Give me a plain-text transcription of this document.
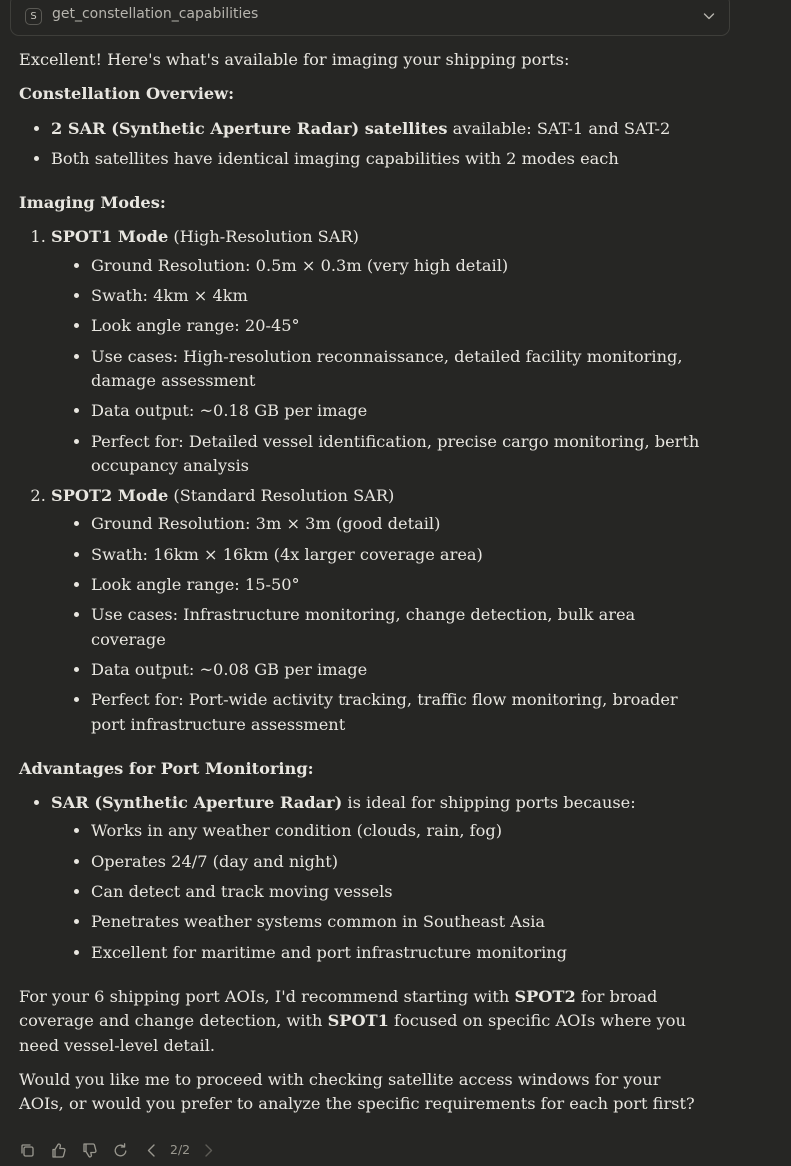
S	get_constellation_capabilities

Excellent! Here's what's available for imaging your shipping ports:

Constellation Overview:

• 2 SAR (Synthetic Aperture Radar) satellites available: SAT-1 and SAT-2
• Both satellites have identical imaging capabilities with 2 modes each

Imaging Modes:

1. SPOT1 Mode (High-Resolution SAR)
• Ground Resolution: 0.5m × 0.3m (very high detail)
• Swath: 4km × 4km
• Look angle range: 20-45°
• Use cases: High-resolution reconnaissance, detailed facility monitoring, damage assessment
• Data output: ~0.18 GB per image
• Perfect for: Detailed vessel identification, precise cargo monitoring, berth occupancy analysis
2. SPOT2 Mode (Standard Resolution SAR)
• Ground Resolution: 3m × 3m (good detail)
• Swath: 16km × 16km (4x larger coverage area)
• Look angle range: 15-50°
• Use cases: Infrastructure monitoring, change detection, bulk area coverage
• Data output: ~0.08 GB per image
• Perfect for: Port-wide activity tracking, traffic flow monitoring, broader port infrastructure assessment

Advantages for Port Monitoring:

• SAR (Synthetic Aperture Radar) is ideal for shipping ports because:
• Works in any weather condition (clouds, rain, fog)
• Operates 24/7 (day and night)
• Can detect and track moving vessels
• Penetrates weather systems common in Southeast Asia
• Excellent for maritime and port infrastructure monitoring

For your 6 shipping port AOIs, I'd recommend starting with SPOT2 for broad coverage and change detection, with SPOT1 focused on specific AOIs where you need vessel-level detail.

Would you like me to proceed with checking satellite access windows for your AOIs, or would you prefer to analyze the specific requirements for each port first?

2/2
